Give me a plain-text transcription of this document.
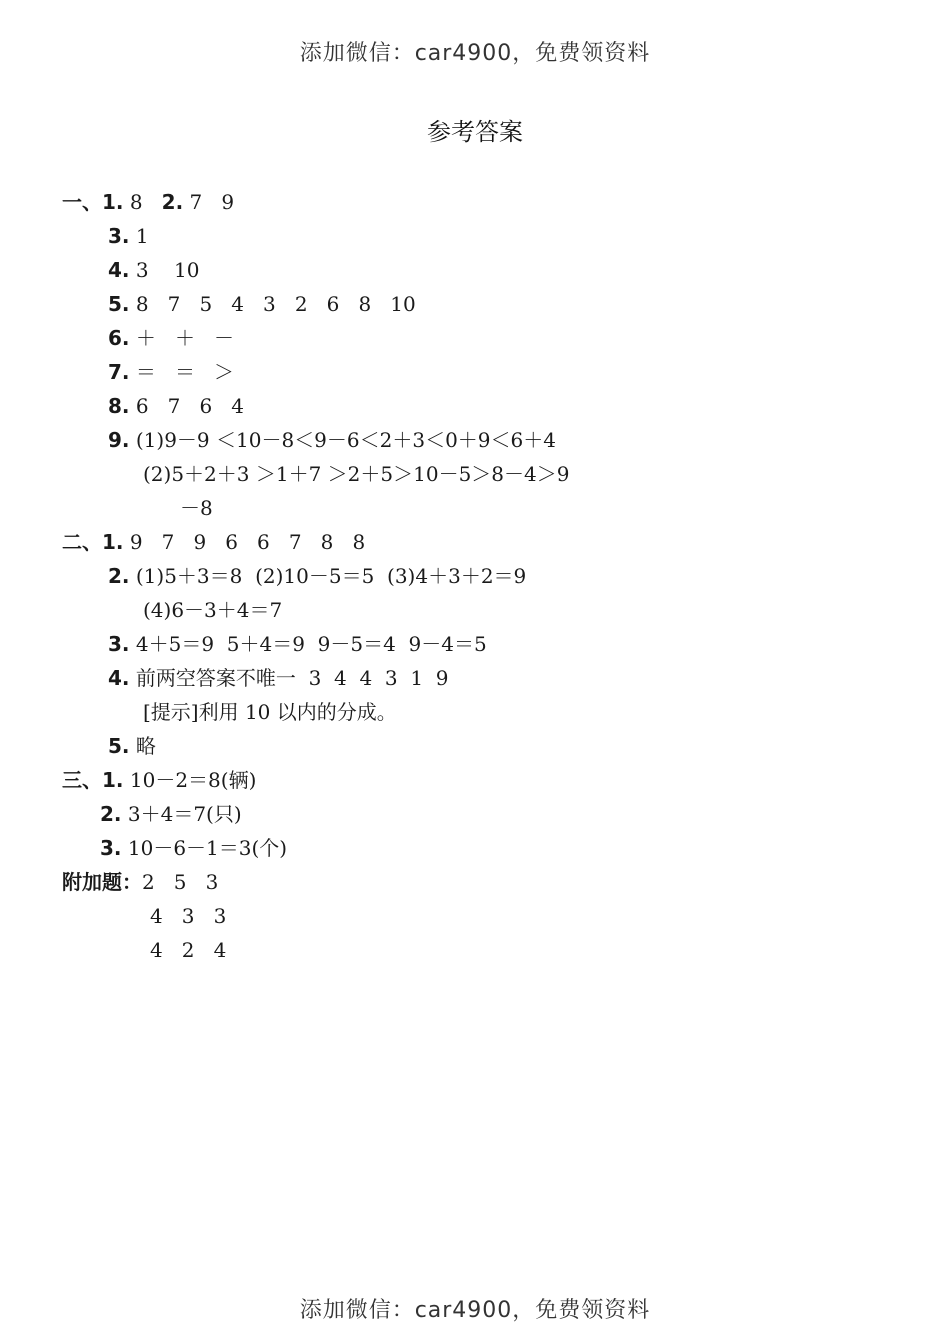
添加微信：car4900，免费领资料
参考答案
一、1. 8   2. 7   9
3. 1
4. 3    10
5. 8   7   5   4   3   2   6   8   10
6. ＋   ＋   －
7. ＝   ＝   ＞
8. 6   7   6   4
9. (1)9－9 ＜10－8＜9－6＜2＋3＜0＋9＜6＋4
(2)5＋2＋3 ＞1＋7 ＞2＋5＞10－5＞8－4＞9
－8
二、1. 9   7   9   6   6   7   8   8
2. (1)5＋3＝8  (2)10－5＝5  (3)4＋3＋2＝9
(4)6－3＋4＝7
3. 4＋5＝9  5＋4＝9  9－5＝4  9－4＝5
4. 前两空答案不唯一  3  4  4  3  1  9
[提示]利用 10 以内的分成。
5. 略
三、1. 10－2＝8(辆)
2. 3＋4＝7(只)
3. 10－6－1＝3(个)
附加题：2   5   3
4   3   3
4   2   4
添加微信：car4900，免费领资料
